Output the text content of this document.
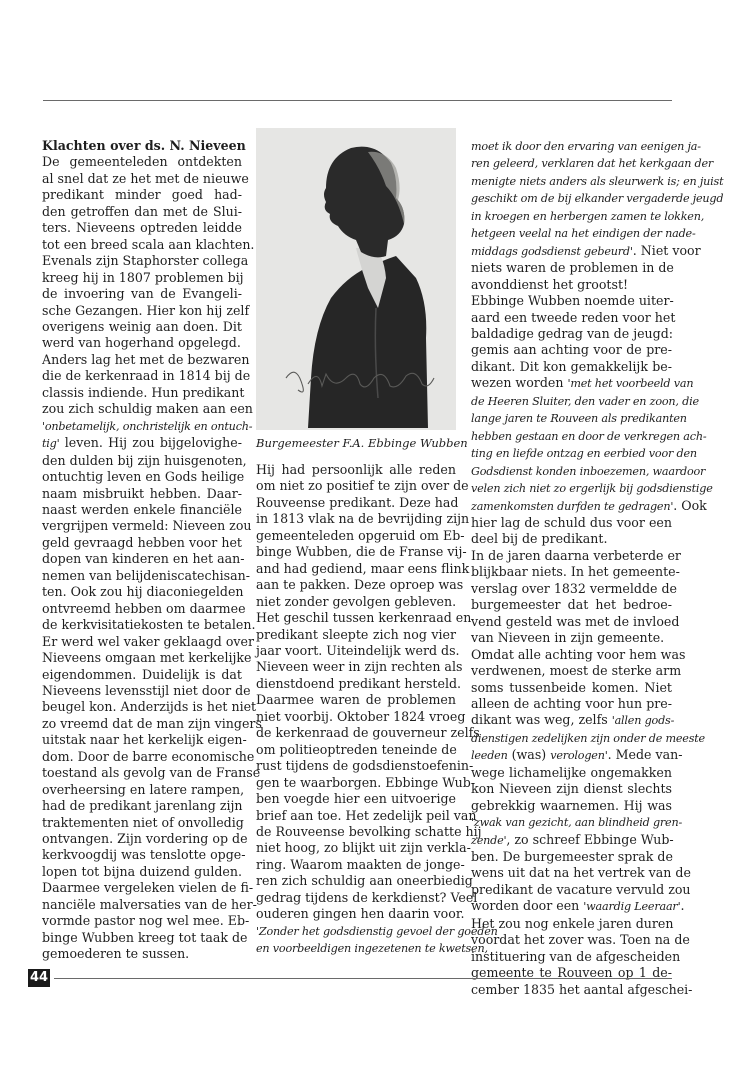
Klachten over ds. N. Nieveen
De gemeenteleden ontdekten
al snel dat ze het met de nieuwe
predikant minder goed had-
den getroffen dan met de Slui-
ters. Nieveens optreden leidde
tot een breed scala aan klachten.
Evenals zijn Staphorster collega
kreeg hij in 1807 problemen bij
de invoering van de Evangeli-
sche Gezangen. Hier kon hij zelf
overigens weinig aan doen. Dit
werd van hogerhand opgelegd.
Anders lag het met de bezwaren
die de kerkenraad in 1814 bij de
classis indiende. Hun predikant
zou zich schuldig maken aan een
'onbetamelijk, onchristelijk en ontuch-
tig' leven. Hij zou bijgelovighe-
den dulden bij zijn huisgenoten,
ontuchtig leven en Gods heilige
naam misbruikt hebben. Daar-
naast werden enkele financiële
vergrijpen vermeld: Nieveen zou
geld gevraagd hebben voor het
dopen van kinderen en het aan-
nemen van belijdeniscatechisan-
ten. Ook zou hij diaconiegelden
ontvreemd hebben om daarmee
de kerkvisitatiekosten te betalen.
Er werd wel vaker geklaagd over
Nieveens omgaan met kerkelijke
eigendommen. Duidelijk is dat
Nieveens levensstijl niet door de
beugel kon. Anderzijds is het niet
zo vreemd dat de man zijn vingers
uitstak naar het kerkelijk eigen-
dom. Door de barre economische
toestand als gevolg van de Franse
overheersing en latere rampen,
had de predikant jarenlang zijn
traktementen niet of onvolledig
ontvangen. Zijn vordering op de
kerkvoogdij was tenslotte opge-
lopen tot bijna duizend gulden.
Daarmee vergeleken vielen de fi-
nanciële malversaties van de her-
vormde pastor nog wel mee. Eb-
binge Wubben kreeg tot taak de
gemoederen te sussen.
Burgemeester F.A. Ebbinge Wubben
Hij had persoonlijk alle reden
om niet zo positief te zijn over de
Rouveense predikant. Deze had
in 1813 vlak na de bevrijding zijn
gemeenteleden opgeruid om Eb-
binge Wubben, die de Franse vij-
and had gediend, maar eens flink
aan te pakken. Deze oproep was
niet zonder gevolgen gebleven.
Het geschil tussen kerkenraad en
predikant sleepte zich nog vier
jaar voort. Uiteindelijk werd ds.
Nieveen weer in zijn rechten als
dienstdoend predikant hersteld.
Daarmee waren de problemen
niet voorbij. Oktober 1824 vroeg
de kerkenraad de gouverneur zelfs
om politieoptreden teneinde de
rust tijdens de godsdienstoefenin-
gen te waarborgen. Ebbinge Wub-
ben voegde hier een uitvoerige
brief aan toe. Het zedelijk peil van
de Rouveense bevolking schatte hij
niet hoog, zo blijkt uit zijn verkla-
ring. Waarom maakten de jonge-
ren zich schuldig aan oneerbiedig
gedrag tijdens de kerkdienst? Veel
ouderen gingen hen daarin voor.
'Zonder het godsdienstig gevoel der goeden
en voorbeeldigen ingezetenen te kwetsen,
moet ik door den ervaring van eenigen ja-
ren geleerd, verklaren dat het kerkgaan der
menigte niets anders als sleurwerk is; en juist
geschikt om de bij elkander vergaderde jeugd
in kroegen en herbergen zamen te lokken,
hetgeen veelal na het eindigen der nade-
middags godsdienst gebeurd'. Niet voor
niets waren de problemen in de
avonddienst het grootst!
Ebbinge Wubben noemde uiter-
aard een tweede reden voor het
baldadige gedrag van de jeugd:
gemis aan achting voor de pre-
dikant. Dit kon gemakkelijk be-
wezen worden 'met het voorbeeld van
de Heeren Sluiter, den vader en zoon, die
lange jaren te Rouveen als predikanten
hebben gestaan en door de verkregen ach-
ting en liefde ontzag en eerbied voor den
Godsdienst konden inboezemen, waardoor
velen zich niet zo ergerlijk bij godsdienstige
zamenkomsten durfden te gedragen'. Ook
hier lag de schuld dus voor een
deel bij de predikant.
In de jaren daarna verbeterde er
blijkbaar niets. In het gemeente-
verslag over 1832 vermeldde de
burgemeester dat het bedroe-
vend gesteld was met de invloed
van Nieveen in zijn gemeente.
Omdat alle achting voor hem was
verdwenen, moest de sterke arm
soms tussenbeide komen. Niet
alleen de achting voor hun pre-
dikant was weg, zelfs 'allen gods-
dienstigen zedelijken zijn onder de meeste
leeden (was) verologen'. Mede van-
wege lichamelijke ongemakken
kon Nieveen zijn dienst slechts
gebrekkig waarnemen. Hij was
'zwak van gezicht, aan blindheid gren-
zende', zo schreef Ebbinge Wub-
ben. De burgemeester sprak de
wens uit dat na het vertrek van de
predikant de vacature vervuld zou
worden door een 'waardig Leeraar'.
Het zou nog enkele jaren duren
voordat het zover was. Toen na de
instituering van de afgescheiden
gemeente te Rouveen op 1 de-
cember 1835 het aantal afgeschei-
44
